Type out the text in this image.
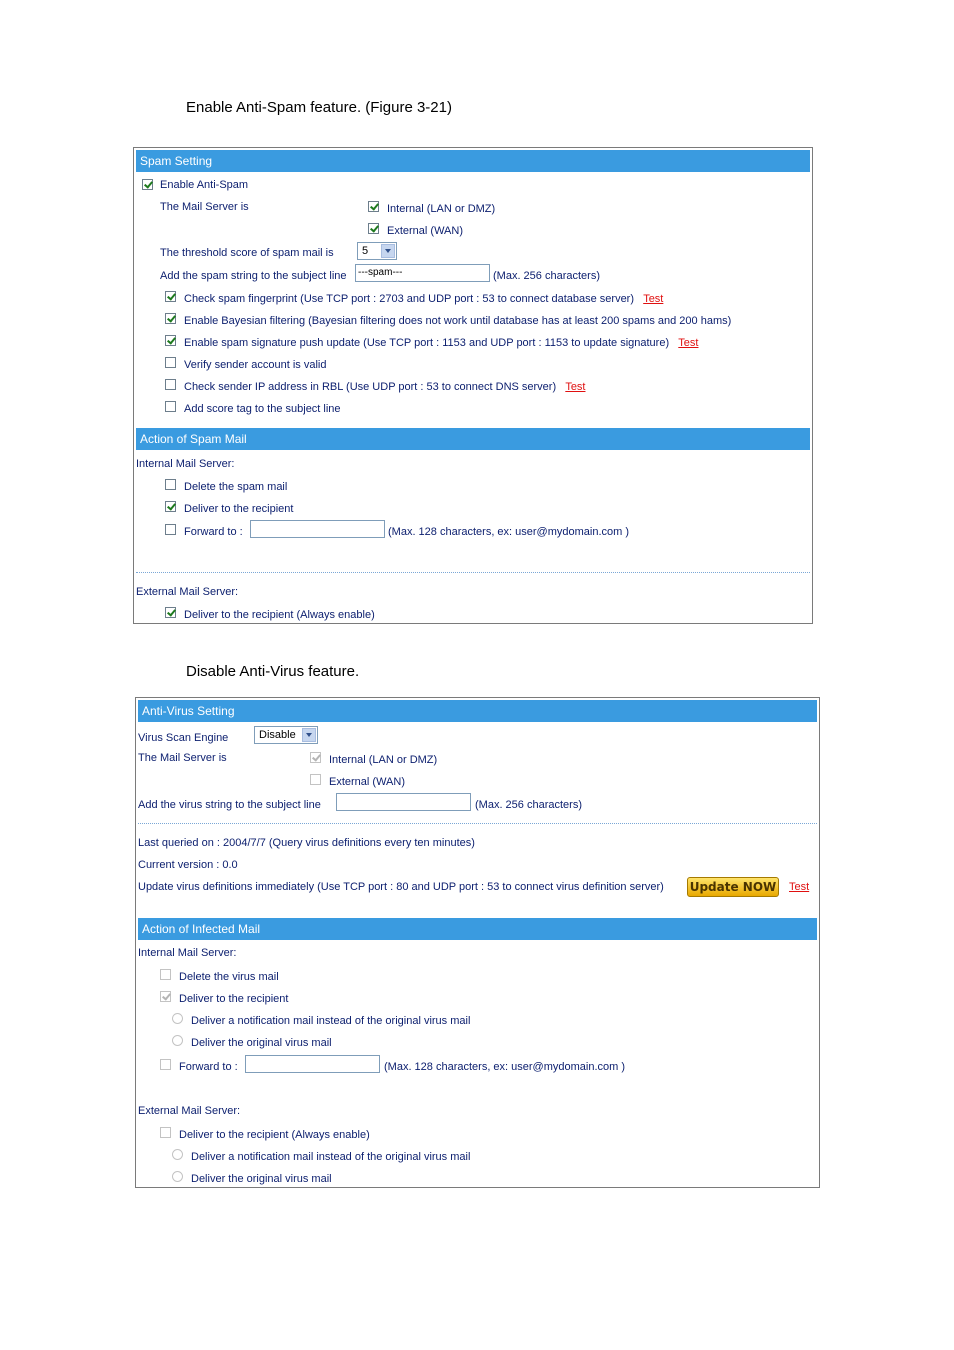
Enable Anti-Spam feature. (Figure 3-21)
Spam Setting
Enable Anti-Spam
The Mail Server is	Internal (LAN or DMZ)
External (WAN)
The threshold score of spam mail is	5
Add the spam string to the subject line	---spam---	(Max. 256 characters)
Check spam fingerprint (Use TCP port : 2703 and UDP port : 53 to connect database server) Test
Enable Bayesian filtering (Bayesian filtering does not work until database has at least 200 spams and 200 hams)
Enable spam signature push update (Use TCP port : 1153 and UDP port : 1153 to update signature) Test
Verify sender account is valid
Check sender IP address in RBL (Use UDP port : 53 to connect DNS server) Test
Add score tag to the subject line
Action of Spam Mail
Internal Mail Server:
Delete the spam mail
Deliver to the recipient
Forward to :	(Max. 128 characters, ex: user@mydomain.com )
External Mail Server:
Deliver to the recipient (Always enable)
Disable Anti-Virus feature.
Anti-Virus Setting
Virus Scan Engine	Disable
The Mail Server is	Internal (LAN or DMZ)
External (WAN)
Add the virus string to the subject line	(Max. 256 characters)
Last queried on : 2004/7/7 (Query virus definitions every ten minutes)
Current version : 0.0
Update virus definitions immediately (Use TCP port : 80 and UDP port : 53 to connect virus definition server) Update NOW Test
Action of Infected Mail
Internal Mail Server:
Delete the virus mail
Deliver to the recipient
Deliver a notification mail instead of the original virus mail
Deliver the original virus mail
Forward to :	(Max. 128 characters, ex: user@mydomain.com )
External Mail Server:
Deliver to the recipient (Always enable)
Deliver a notification mail instead of the original virus mail
Deliver the original virus mail
